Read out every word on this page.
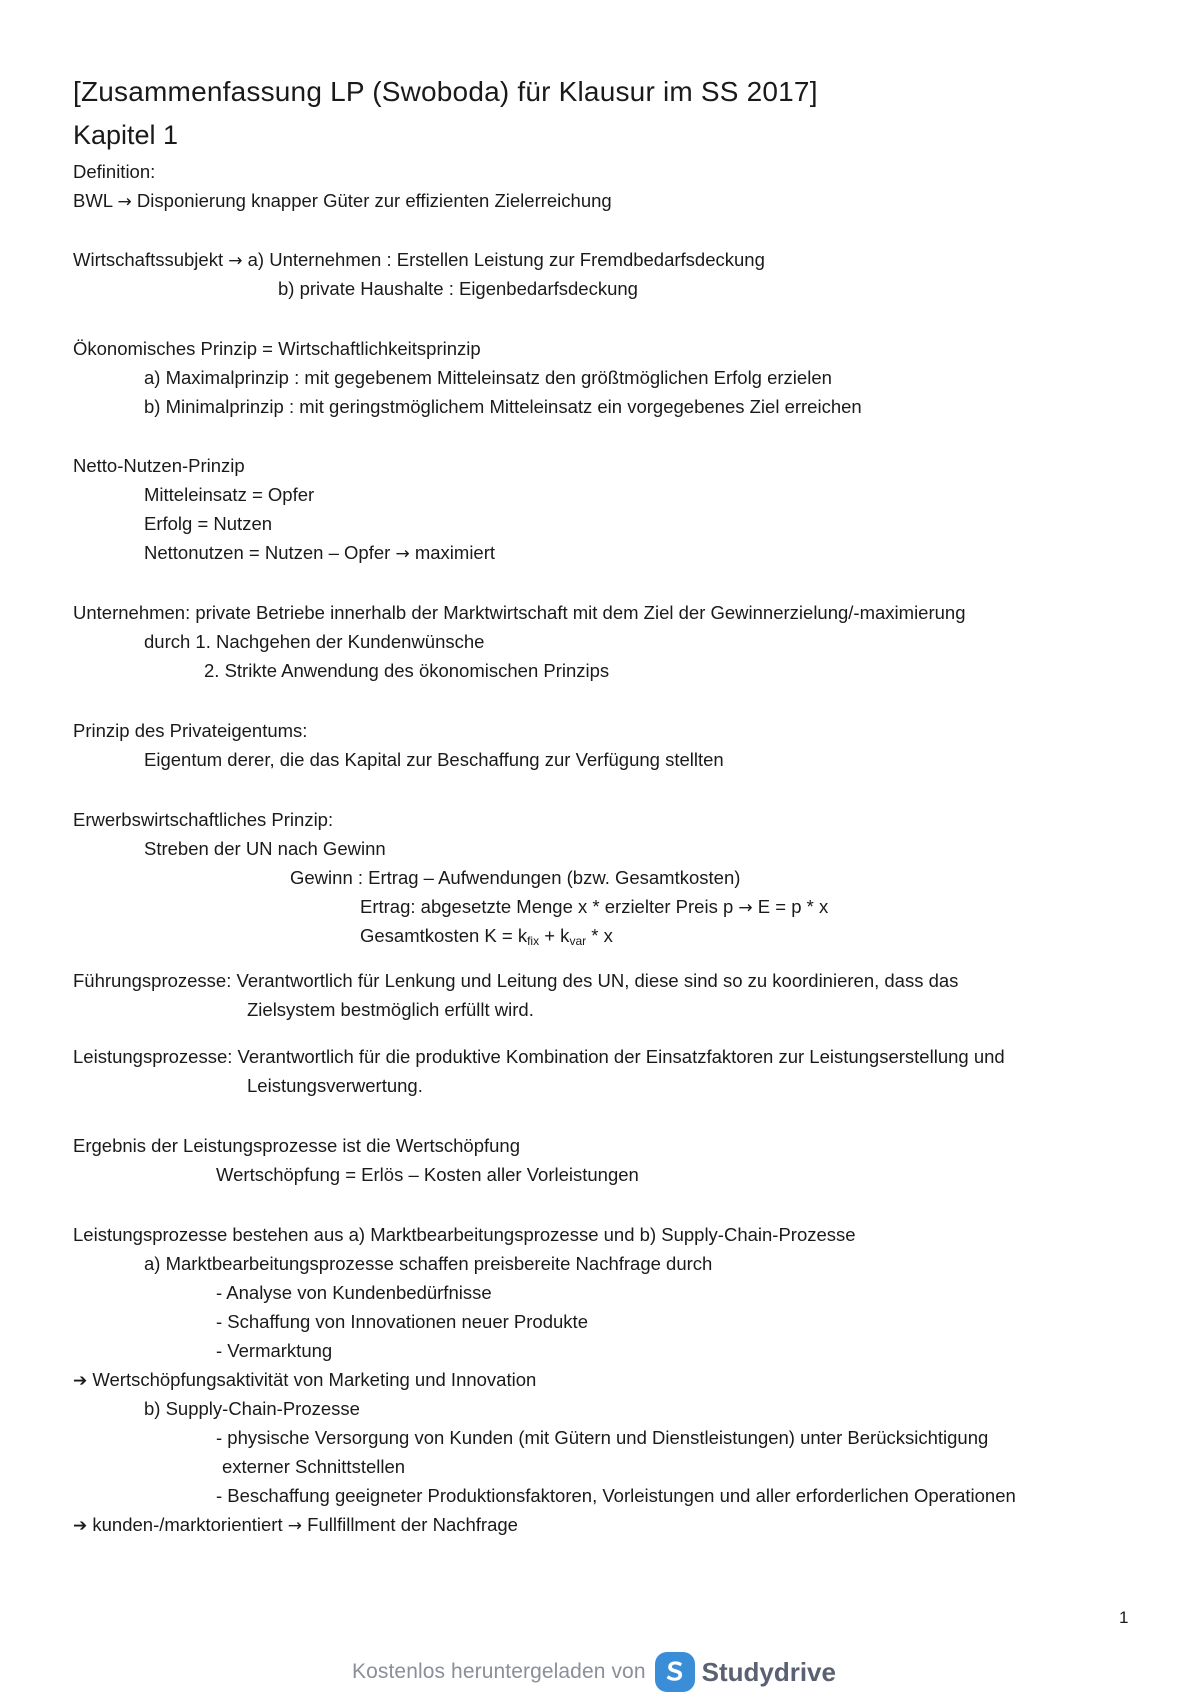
[Zusammenfassung LP (Swoboda) für Klausur im SS 2017]
Kapitel 1
Definition:
BWL → Disponierung knapper Güter zur effizienten Zielerreichung
Wirtschaftssubjekt → a) Unternehmen : Erstellen Leistung zur Fremdbedarfsdeckung
b) private Haushalte : Eigenbedarfsdeckung
Ökonomisches Prinzip = Wirtschaftlichkeitsprinzip
a) Maximalprinzip : mit gegebenem Mitteleinsatz den größtmöglichen Erfolg erzielen
b) Minimalprinzip : mit geringstmöglichem Mitteleinsatz ein vorgegebenes Ziel erreichen
Netto-Nutzen-Prinzip
Mitteleinsatz = Opfer
Erfolg = Nutzen
Nettonutzen = Nutzen – Opfer → maximiert
Unternehmen: private Betriebe innerhalb der Marktwirtschaft mit dem Ziel der Gewinnerzielung/-maximierung
durch 1. Nachgehen der Kundenwünsche
2. Strikte Anwendung des ökonomischen Prinzips
Prinzip des Privateigentums:
Eigentum derer, die das Kapital zur Beschaffung zur Verfügung stellten
Erwerbswirtschaftliches Prinzip:
Streben der UN nach Gewinn
Gewinn : Ertrag – Aufwendungen (bzw. Gesamtkosten)
Ertrag: abgesetzte Menge x * erzielter Preis p → E = p * x
Gesamtkosten $K = k_{fix} + k_{var} * x$
Führungsprozesse: Verantwortlich für Lenkung und Leitung des UN, diese sind so zu koordinieren, dass das
Zielsystem bestmöglich erfüllt wird.
Leistungsprozesse: Verantwortlich für die produktive Kombination der Einsatzfaktoren zur Leistungserstellung und
Leistungsverwertung.
Ergebnis der Leistungsprozesse ist die Wertschöpfung
Wertschöpfung = Erlös – Kosten aller Vorleistungen
Leistungsprozesse bestehen aus a) Marktbearbeitungsprozesse und b) Supply-Chain-Prozesse
a) Marktbearbeitungsprozesse schaffen preisbereite Nachfrage durch
- Analyse von Kundenbedürfnisse
- Schaffung von Innovationen neuer Produkte
- Vermarktung
➔ Wertschöpfungsaktivität von Marketing und Innovation
b) Supply-Chain-Prozesse
- physische Versorgung von Kunden (mit Gütern und Dienstleistungen) unter Berücksichtigung
externer Schnittstellen
- Beschaffung geeigneter Produktionsfaktoren, Vorleistungen und aller erforderlichen Operationen
➔ kunden-/marktorientiert → Fullfillment der Nachfrage
1
Kostenlos heruntergeladen von Studydrive
